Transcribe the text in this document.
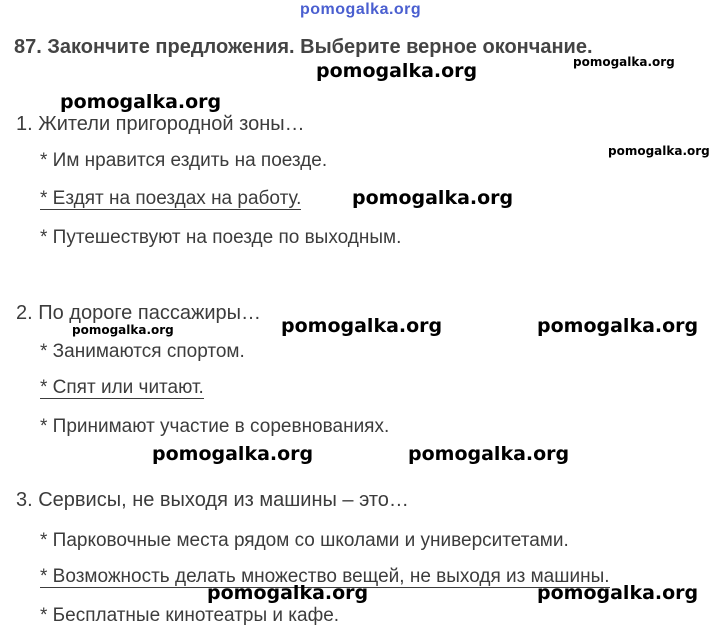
pomogalka.org
87. Закончите предложения. Выберите верное окончание.
1. Жители пригородной зоны…
* Им нравится ездить на поезде.
* Ездят на поездах на работу.
* Путешествуют на поезде по выходным.
2. По дороге пассажиры…
* Занимаются спортом.
* Спят или читают.
* Принимают участие в соревнованиях.
3. Сервисы, не выходя из машины – это…
* Парковочные места рядом со школами и университетами.
* Возможность делать множество вещей, не выходя из машины.
* Бесплатные кинотеатры и кафе.
pomogalka.org	pomogalka.org
pomogalka.org
pomogalka.org
pomogalka.org
pomogalka.org	pomogalka.org
pomogalka.org
pomogalka.org	pomogalka.org
pomogalka.org	pomogalka.org
